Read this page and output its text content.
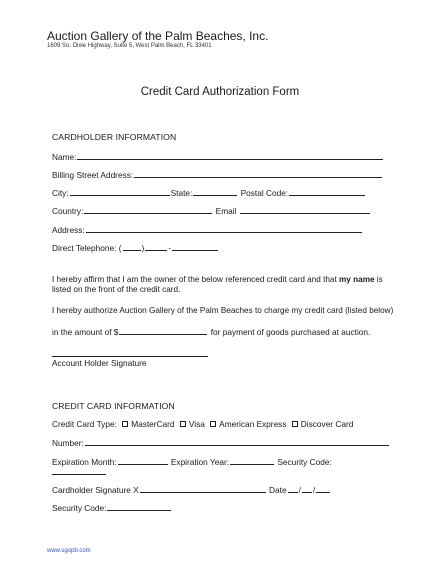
Auction Gallery of the Palm Beaches, Inc.
1609 So. Dixie Highway, Suite 5, West Palm Beach, FL 33401
Credit Card Authorization Form
CARDHOLDER INFORMATION
Name:
Billing Street Address:
City:	State:	Postal Code:
Country:	Email
Address:
Direct Telephone: ( )	-
I hereby affirm that I am the owner of the below referenced credit card and that my name is listed on the front of the credit card.
I hereby authorize Auction Gallery of the Palm Beaches to charge my credit card (listed below)
in the amount of $	for payment of goods purchased at auction.
Account Holder Signature
CREDIT CARD INFORMATION
Credit Card Type: MasterCard Visa American Express Discover Card
Number:
Expiration Month:	Expiration Year:	Security Code:
Cardholder Signature X	Date / /
Security Code:
www.sgopb.com
